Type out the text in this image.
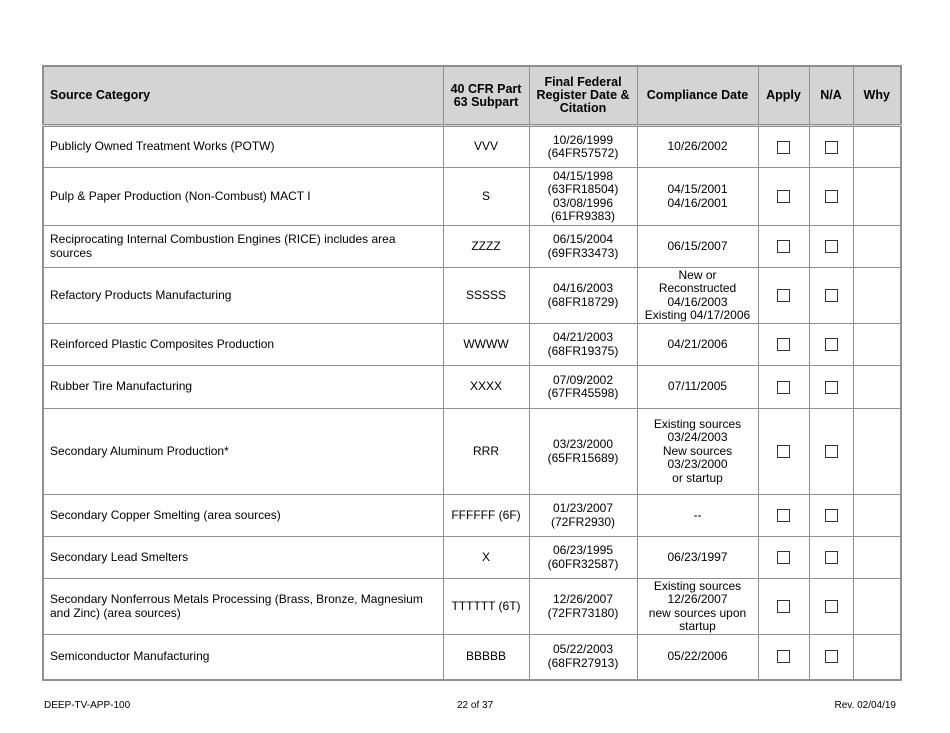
Source Category	40 CFR Part 63 Subpart	Final Federal Register Date & Citation	Compliance Date	Apply	N/A	Why
Publicly Owned Treatment Works (POTW)	VVV	10/26/1999
(64FR57572)	10/26/2002			

Pulp & Paper Production (Non-Combust) MACT I	S	04/15/1998
(63FR18504)
03/08/1996
(61FR9383)	04/15/2001
04/16/2001			

Reciprocating Internal Combustion Engines (RICE) includes area sources	ZZZZ	06/15/2004
(69FR33473)	06/15/2007			

Refactory Products Manufacturing	SSSSS	04/16/2003
(68FR18729)	New or
Reconstructed
04/16/2003
Existing 04/17/2006			

Reinforced Plastic Composites Production	WWWW	04/21/2003
(68FR19375)	04/21/2006			

Rubber Tire Manufacturing	XXXX	07/09/2002
(67FR45598)	07/11/2005			

Secondary Aluminum Production*	RRR	03/23/2000
(65FR15689)	Existing sources
03/24/2003
New sources
03/23/2000
or startup			

Secondary Copper Smelting (area sources)	FFFFFF (6F)	01/23/2007
(72FR2930)	--			

Secondary Lead Smelters	X	06/23/1995
(60FR32587)	06/23/1997			

Secondary Nonferrous Metals Processing (Brass, Bronze, Magnesium and Zinc) (area sources)	TTTTTT (6T)	12/26/2007
(72FR73180)	Existing sources
12/26/2007
new sources upon
startup			

Semiconductor Manufacturing	BBBBB	05/22/2003
(68FR27913)	05/22/2006			

DEEP-TV-APP-100	22 of 37	Rev. 02/04/19
